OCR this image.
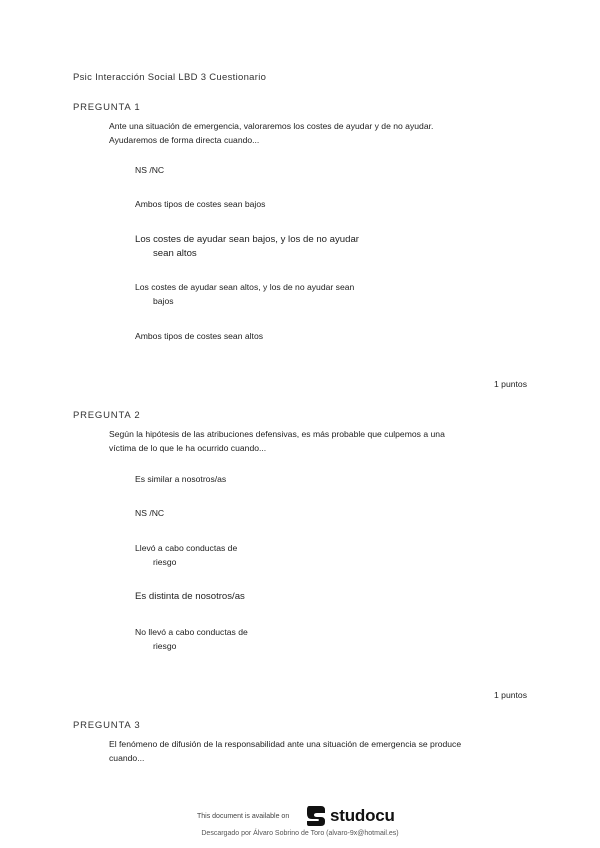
Psic Interacción Social LBD 3 Cuestionario
PREGUNTA 1
Ante una situación de emergencia, valoraremos los costes de ayudar y de no ayudar.
Ayudaremos de forma directa cuando...
NS /NC
Ambos tipos de costes sean bajos
Los costes de ayudar sean bajos, y los de no ayudar
sean altos
Los costes de ayudar sean altos, y los de no ayudar sean
bajos
Ambos tipos de costes sean altos
1 puntos
PREGUNTA 2
Según la hipótesis de las atribuciones defensivas, es más probable que culpemos a una
víctima de lo que le ha ocurrido cuando...
Es similar a nosotros/as
NS /NC
Llevó a cabo conductas de
riesgo
Es distinta de nosotros/as
No llevó a cabo conductas de
riesgo
1 puntos
PREGUNTA 3
El fenómeno de difusión de la responsabilidad ante una situación de emergencia se produce
cuando...
This document is available on studocu
Descargado por Álvaro Sobrino de Toro (alvaro-9x@hotmail.es)
